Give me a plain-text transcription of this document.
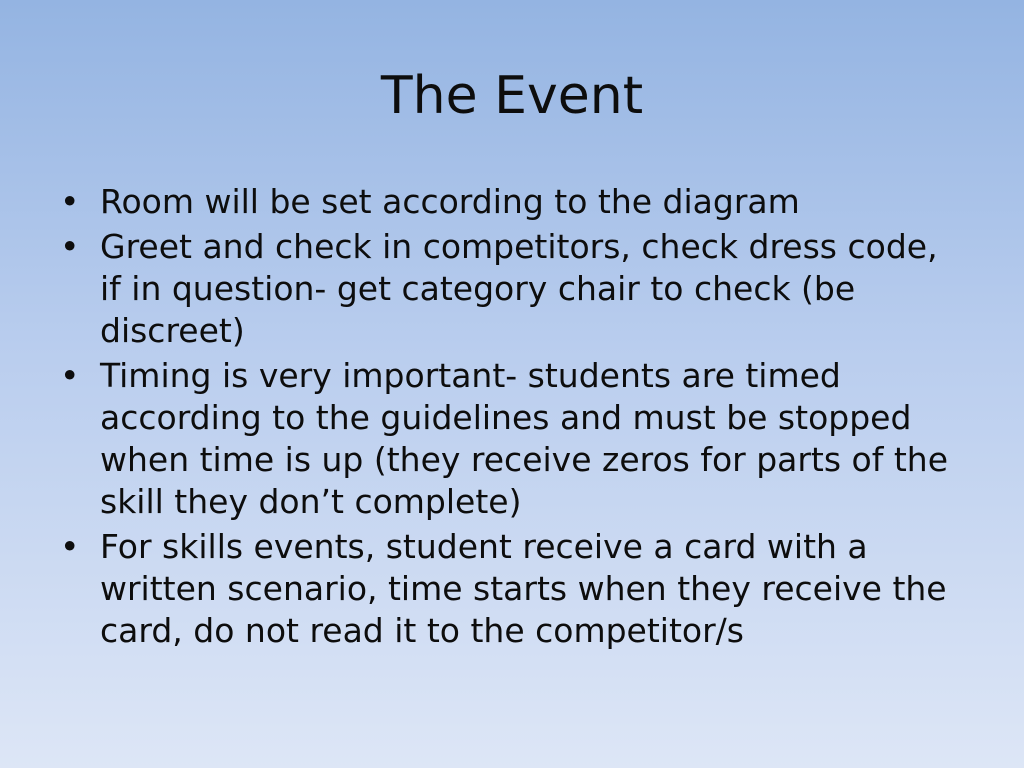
The Event
• Room will be set according to the diagram
• Greet and check in competitors, check dress code, if in question- get category chair to check (be discreet)
• Timing is very important- students are timed according to the guidelines and must be stopped when time is up (they receive zeros for parts of the skill they don’t complete)
• For skills events, student receive a card with a written scenario, time starts when they receive the card, do not read it to the competitor/s
